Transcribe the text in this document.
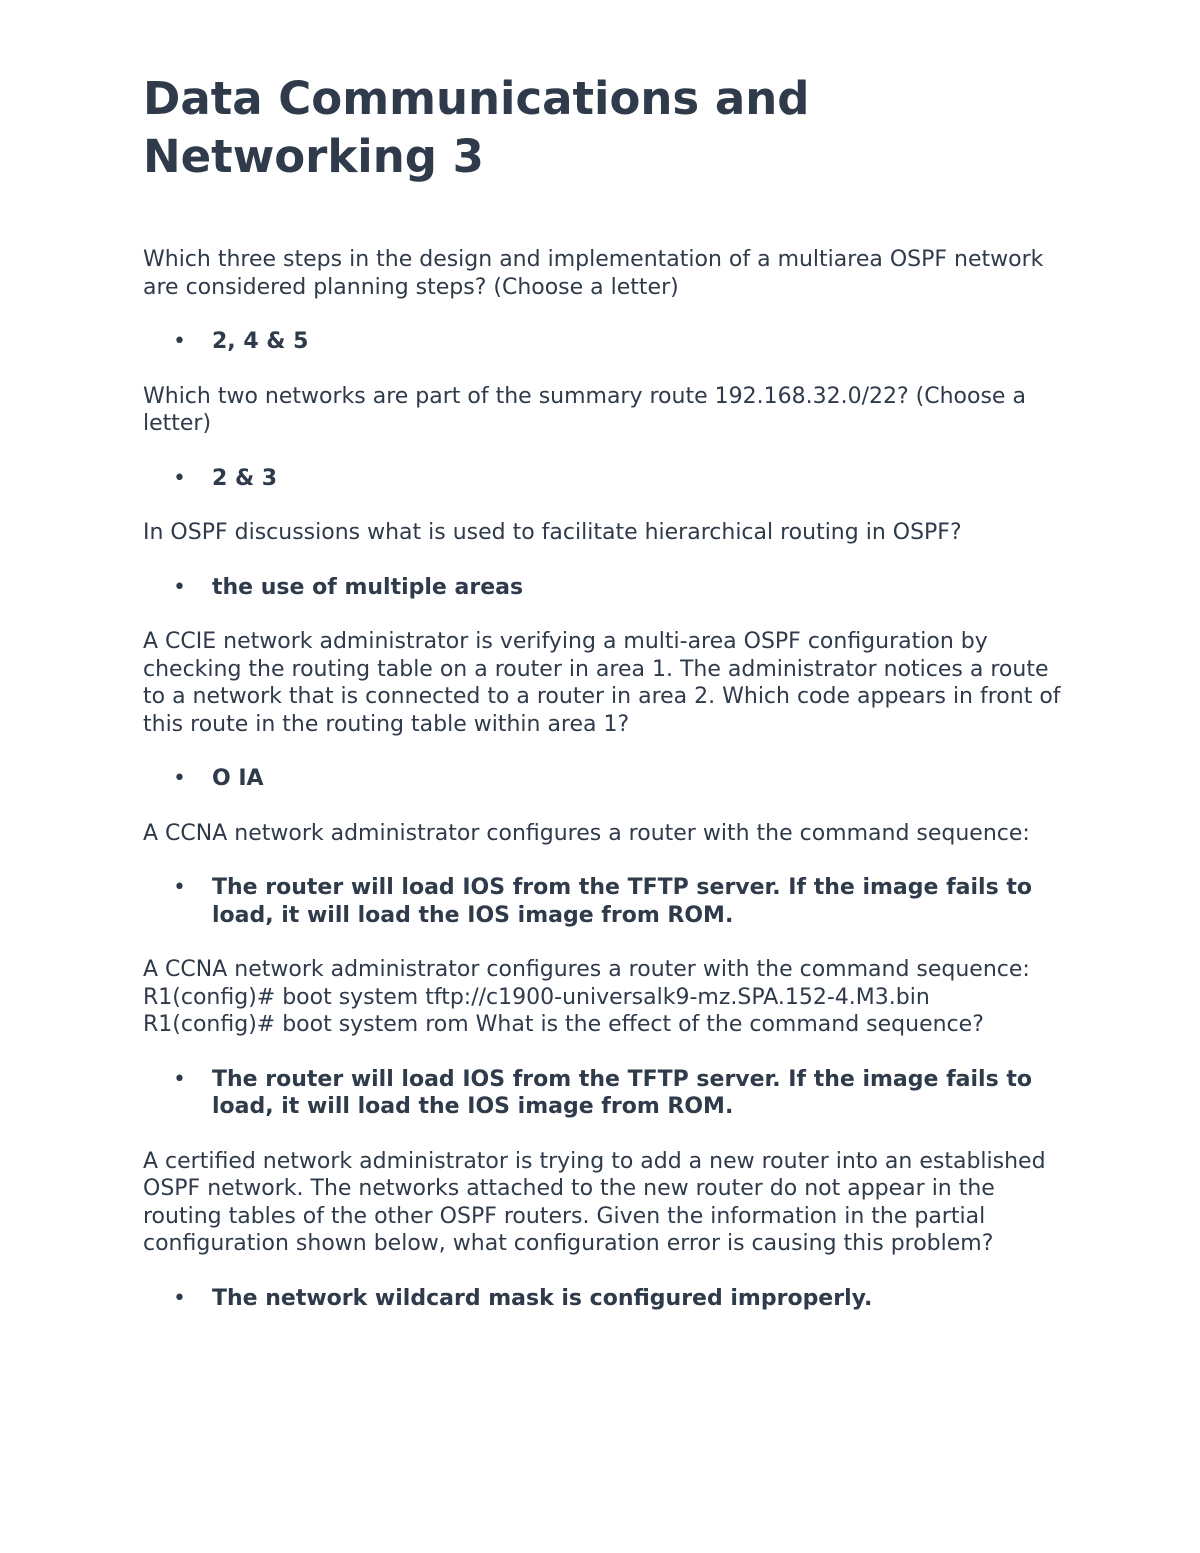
Data Communications and Networking 3

Which three steps in the design and implementation of a multiarea OSPF network are considered planning steps? (Choose a letter)

• 2, 4 & 5

Which two networks are part of the summary route 192.168.32.0/22? (Choose a letter)

• 2 & 3

In OSPF discussions what is used to facilitate hierarchical routing in OSPF?

• the use of multiple areas

A CCIE network administrator is verifying a multi-area OSPF configuration by checking the routing table on a router in area 1. The administrator notices a route to a network that is connected to a router in area 2. Which code appears in front of this route in the routing table within area 1?

• O IA

A CCNA network administrator configures a router with the command sequence:

• The router will load IOS from the TFTP server. If the image fails to load, it will load the IOS image from ROM.

A CCNA network administrator configures a router with the command sequence: R1(config)# boot system tftp://c1900-universalk9-mz.SPA.152-4.M3.bin R1(config)# boot system rom What is the effect of the command sequence?

• The router will load IOS from the TFTP server. If the image fails to load, it will load the IOS image from ROM.

A certified network administrator is trying to add a new router into an established OSPF network. The networks attached to the new router do not appear in the routing tables of the other OSPF routers. Given the information in the partial configuration shown below, what configuration error is causing this problem?

• The network wildcard mask is configured improperly.
